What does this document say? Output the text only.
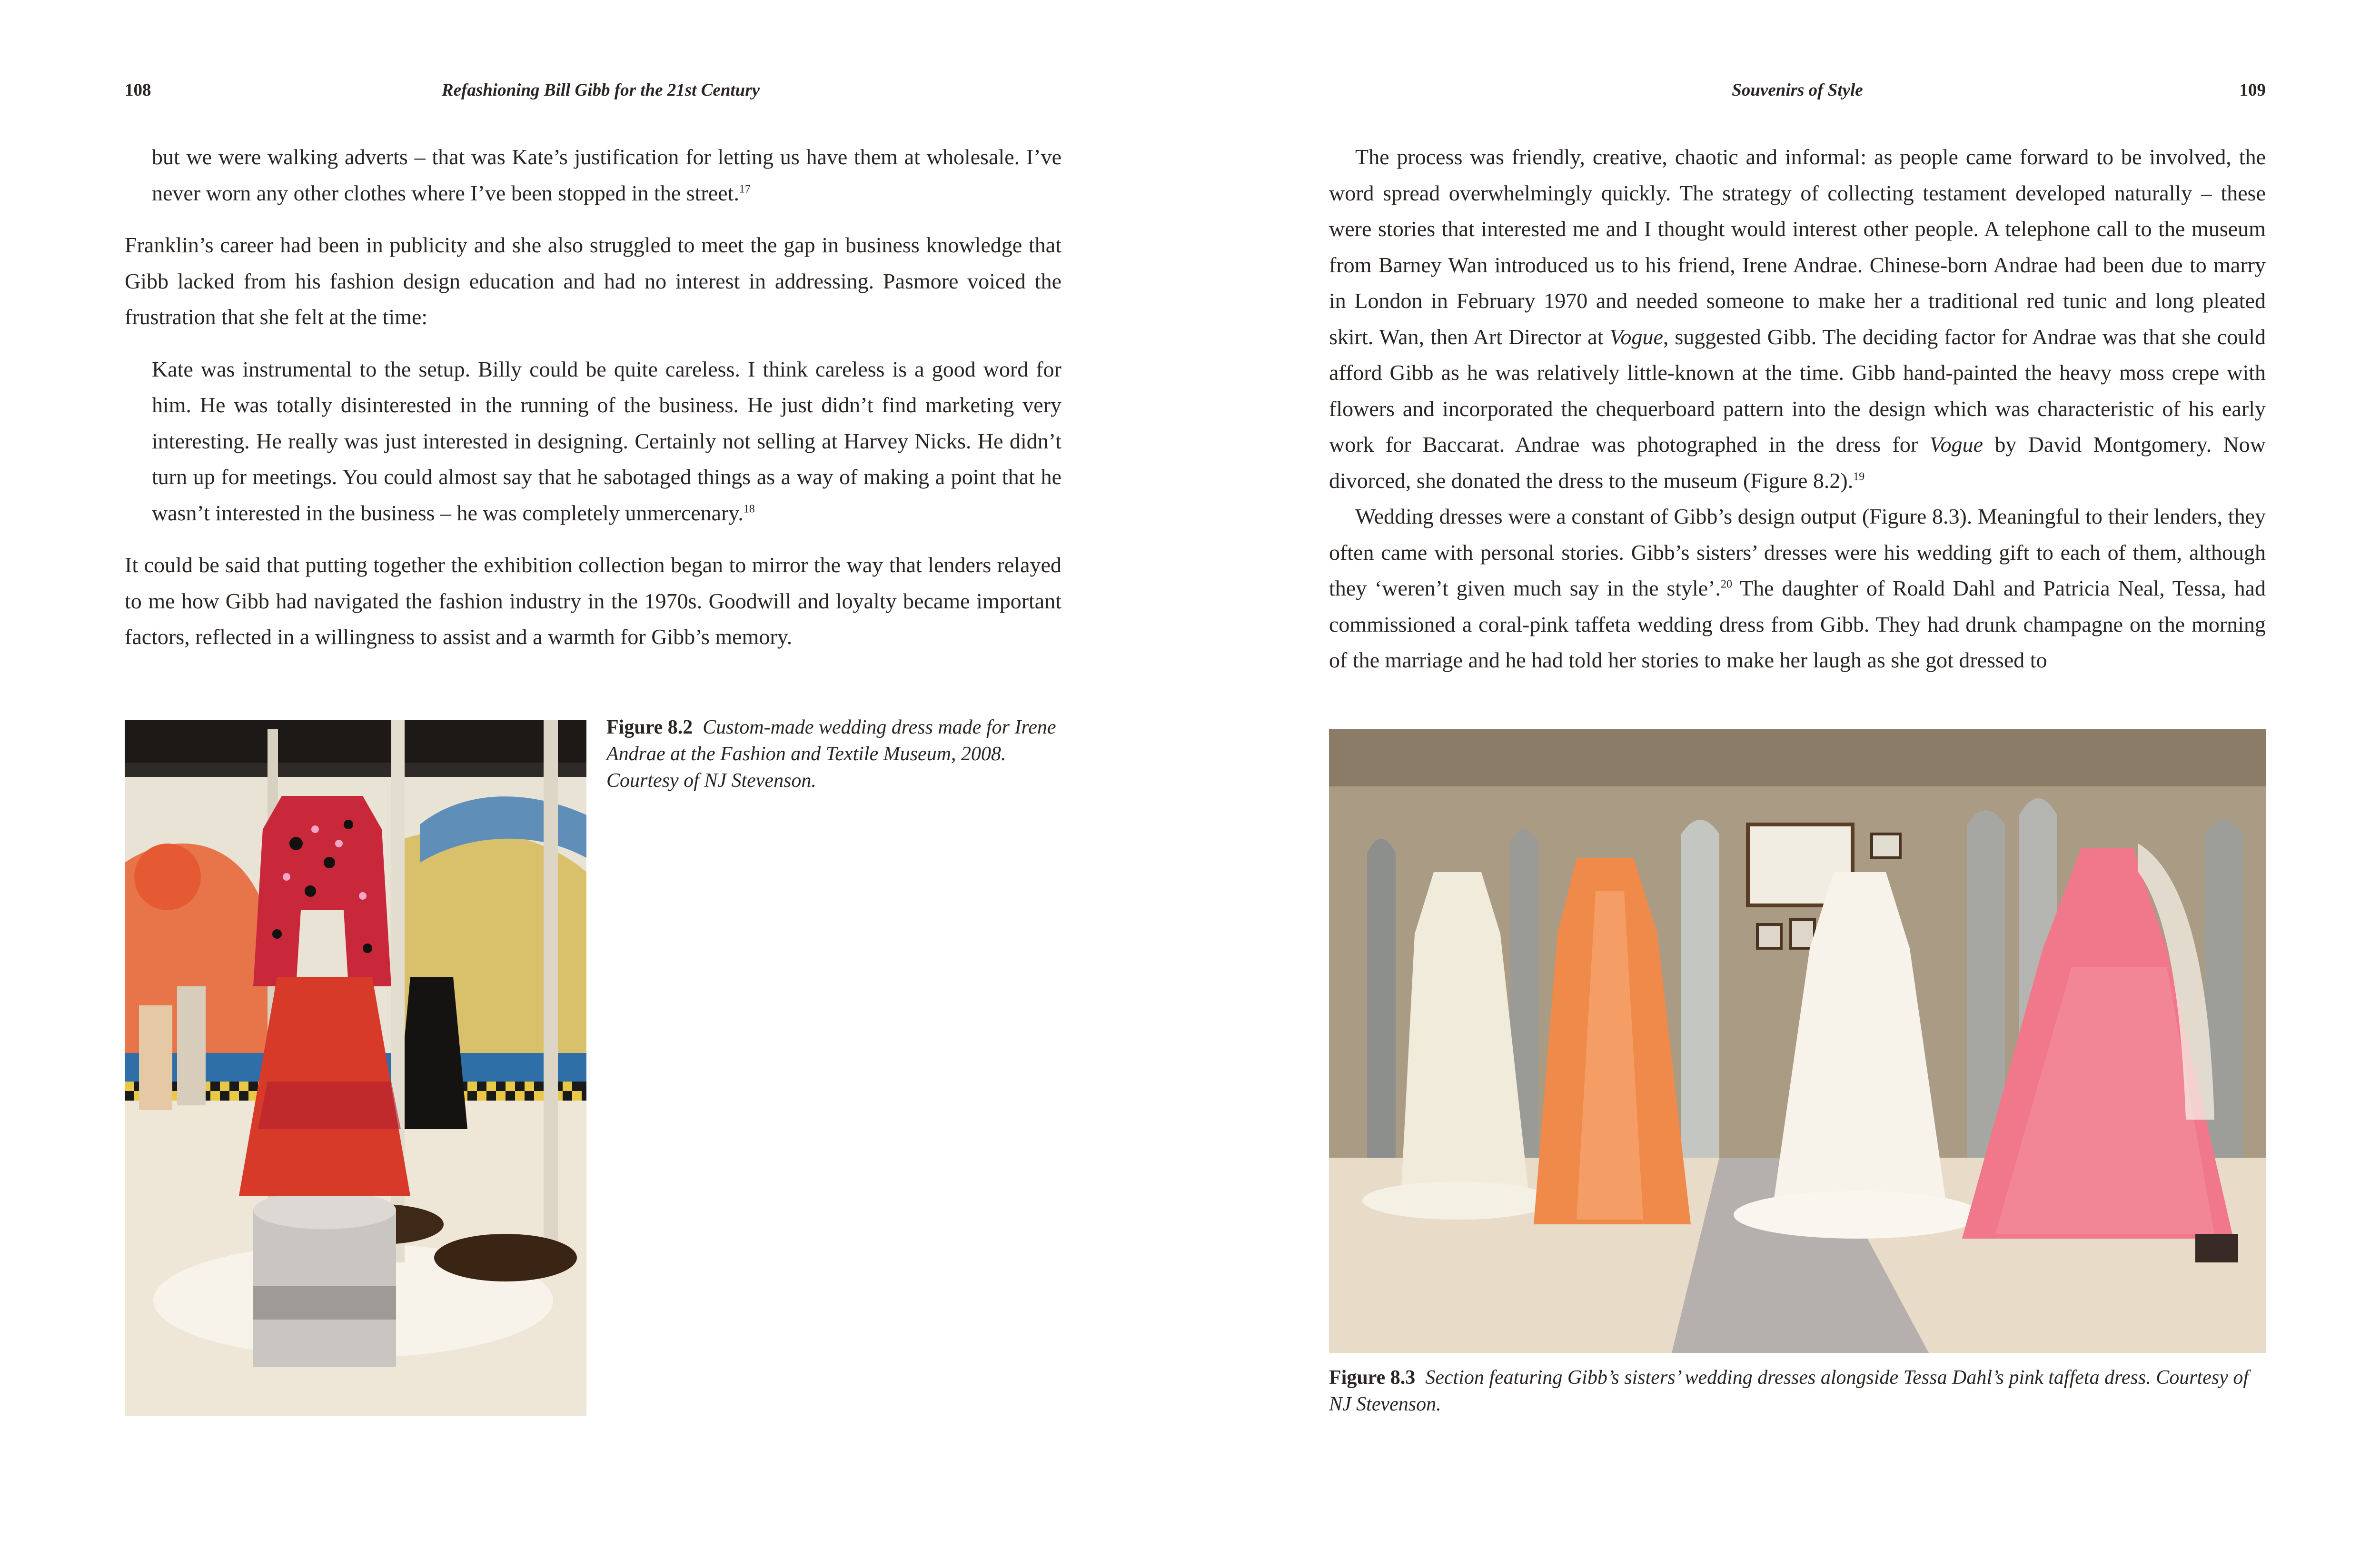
108	Refashioning Bill Gibb for the 21st Century

but we were walking adverts – that was Kate’s justification for letting us have them at wholesale. I’ve never worn any other clothes where I’ve been stopped in the street.$^{17}$

Franklin’s career had been in publicity and she also struggled to meet the gap in business knowledge that Gibb lacked from his fashion design education and had no interest in addressing. Pasmore voiced the frustration that she felt at the time:

Kate was instrumental to the setup. Billy could be quite careless. I think careless is a good word for him. He was totally disinterested in the running of the business. He just didn’t find marketing very interesting. He really was just interested in designing. Certainly not selling at Harvey Nicks. He didn’t turn up for meetings. You could almost say that he sabotaged things as a way of making a point that he wasn’t interested in the business – he was completely unmercenary.$^{18}$

It could be said that putting together the exhibition collection began to mirror the way that lenders relayed to me how Gibb had navigated the fashion industry in the 1970s. Goodwill and loyalty became important factors, reflected in a willingness to assist and a warmth for Gibb’s memory.

Figure 8.2 Custom-made wedding dress made for Irene Andrae at the Fashion and Textile Museum, 2008. Courtesy of NJ Stevenson.
Souvenirs of Style	109

The process was friendly, creative, chaotic and informal: as people came forward to be involved, the word spread overwhelmingly quickly. The strategy of collecting testament developed naturally – these were stories that interested me and I thought would interest other people. A telephone call to the museum from Barney Wan introduced us to his friend, Irene Andrae. Chinese-born Andrae had been due to marry in London in February 1970 and needed someone to make her a traditional red tunic and long pleated skirt. Wan, then Art Director at Vogue, suggested Gibb. The deciding factor for Andrae was that she could afford Gibb as he was relatively little-known at the time. Gibb hand-painted the heavy moss crepe with flowers and incorporated the chequerboard pattern into the design which was characteristic of his early work for Baccarat. Andrae was photographed in the dress for Vogue by David Montgomery. Now divorced, she donated the dress to the museum (Figure 8.2).$^{19}$

Wedding dresses were a constant of Gibb’s design output (Figure 8.3). Meaningful to their lenders, they often came with personal stories. Gibb’s sisters’ dresses were his wedding gift to each of them, although they ‘weren’t given much say in the style’.$^{20}$ The daughter of Roald Dahl and Patricia Neal, Tessa, had commissioned a coral-pink taffeta wedding dress from Gibb. They had drunk champagne on the morning of the marriage and he had told her stories to make her laugh as she got dressed to

Figure 8.3 Section featuring Gibb’s sisters’ wedding dresses alongside Tessa Dahl’s pink taffeta dress. Courtesy of NJ Stevenson.
